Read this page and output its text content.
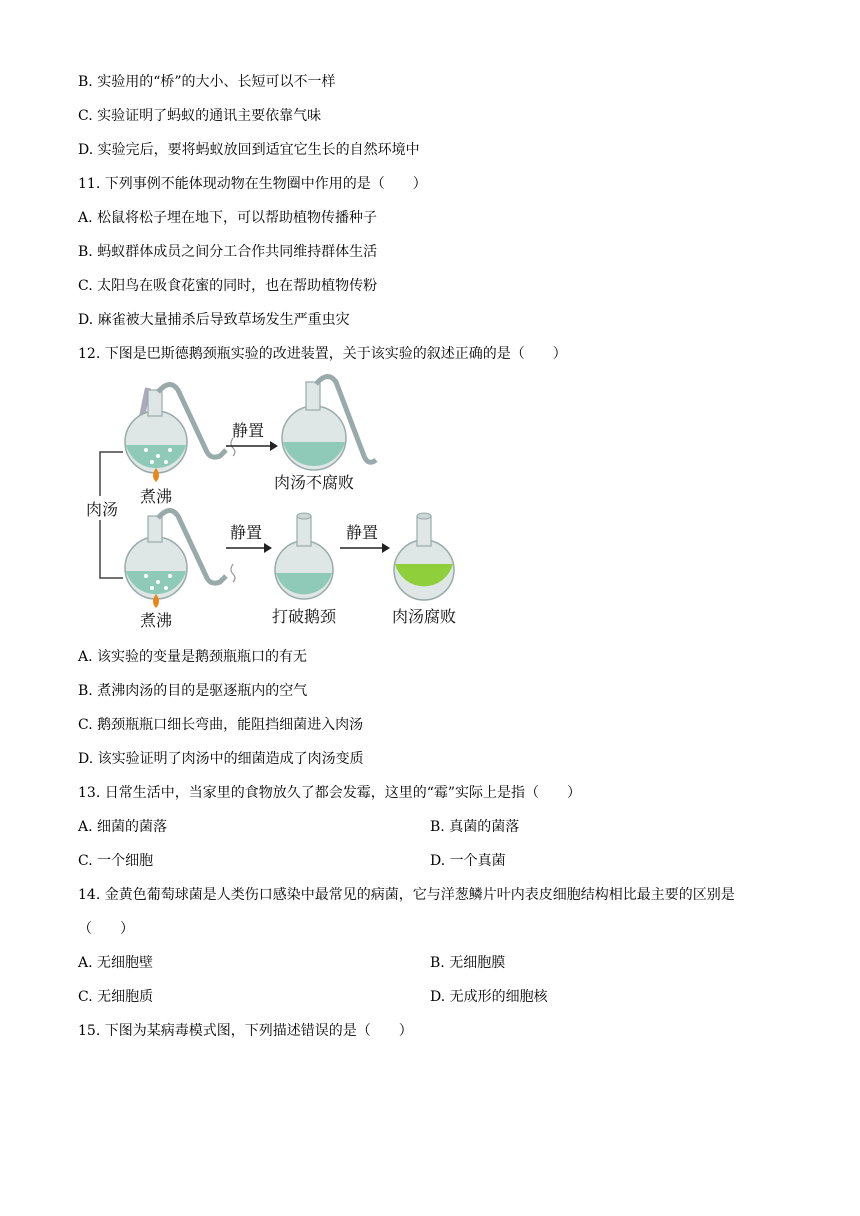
B. 实验用的“桥”的大小、长短可以不一样
C. 实验证明了蚂蚁的通讯主要依靠气味
D. 实验完后，要将蚂蚁放回到适宜它生长的自然环境中
11. 下列事例不能体现动物在生物圈中作用的是（　　）
A. 松鼠将松子埋在地下，可以帮助植物传播种子
B. 蚂蚁群体成员之间分工合作共同维持群体生活
C. 太阳鸟在吸食花蜜的同时，也在帮助植物传粉
D. 麻雀被大量捕杀后导致草场发生严重虫灾
12. 下图是巴斯德鹅颈瓶实验的改进装置，关于该实验的叙述正确的是（　　）
肉汤
煮沸
静置
肉汤不腐败
煮沸
静置
打破鹅颈
静置
肉汤腐败
A. 该实验的变量是鹅颈瓶瓶口的有无
B. 煮沸肉汤的目的是驱逐瓶内的空气
C. 鹅颈瓶瓶口细长弯曲，能阻挡细菌进入肉汤
D. 该实验证明了肉汤中的细菌造成了肉汤变质
13. 日常生活中，当家里的食物放久了都会发霉，这里的“霉”实际上是指（　　）
A. 细菌的菌落	B. 真菌的菌落
C. 一个细胞	D. 一个真菌
14. 金黄色葡萄球菌是人类伤口感染中最常见的病菌，它与洋葱鳞片叶内表皮细胞结构相比最主要的区别是
（　　）
A. 无细胞壁	B. 无细胞膜
C. 无细胞质	D. 无成形的细胞核
15. 下图为某病毒模式图，下列描述错误的是（　　）
